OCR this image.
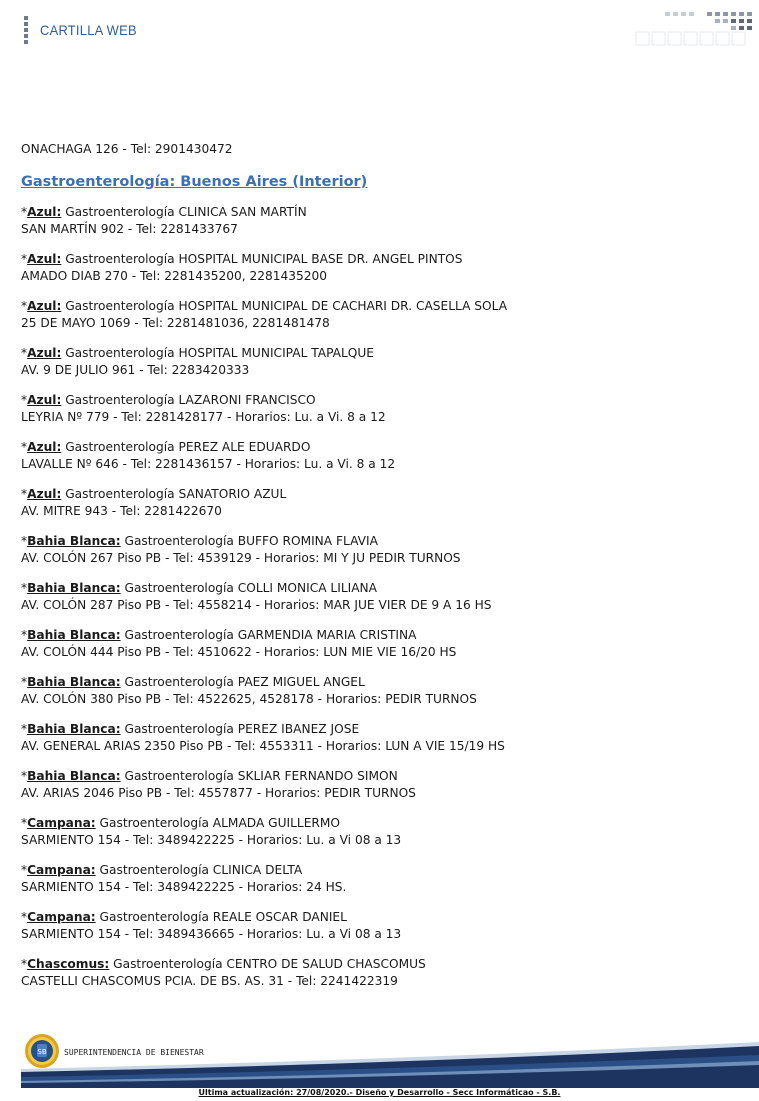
CARTILLA WEB

ONACHAGA 126 - Tel: 2901430472

Gastroenterología: Buenos Aires (Interior)
*Azul: Gastroenterología CLINICA SAN MARTÍN
SAN MARTÍN 902 - Tel: 2281433767
*Azul: Gastroenterología HOSPITAL MUNICIPAL BASE DR. ANGEL PINTOS
AMADO DIAB 270 - Tel: 2281435200, 2281435200
*Azul: Gastroenterología HOSPITAL MUNICIPAL DE CACHARI DR. CASELLA SOLA
25 DE MAYO 1069 - Tel: 2281481036, 2281481478
*Azul: Gastroenterología HOSPITAL MUNICIPAL TAPALQUE
AV. 9 DE JULIO 961 - Tel: 2283420333
*Azul: Gastroenterología LAZARONI FRANCISCO
LEYRIA Nº 779 - Tel: 2281428177 - Horarios: Lu. a Vi. 8 a 12
*Azul: Gastroenterología PEREZ ALE EDUARDO
LAVALLE Nº 646 - Tel: 2281436157 - Horarios: Lu. a Vi. 8 a 12
*Azul: Gastroenterología SANATORIO AZUL
AV. MITRE 943 - Tel: 2281422670
*Bahia Blanca: Gastroenterología BUFFO ROMINA FLAVIA
AV. COLÓN 267 Piso PB - Tel: 4539129 - Horarios: MI Y JU PEDIR TURNOS
*Bahia Blanca: Gastroenterología COLLI MONICA LILIANA
AV. COLÓN 287 Piso PB - Tel: 4558214 - Horarios: MAR JUE VIER DE 9 A 16 HS
*Bahia Blanca: Gastroenterología GARMENDIA MARIA CRISTINA
AV. COLÓN 444 Piso PB - Tel: 4510622 - Horarios: LUN MIE VIE 16/20 HS
*Bahia Blanca: Gastroenterología PAEZ MIGUEL ANGEL
AV. COLÓN 380 Piso PB - Tel: 4522625, 4528178 - Horarios: PEDIR TURNOS
*Bahia Blanca: Gastroenterología PEREZ IBANEZ JOSE
AV. GENERAL ARIAS 2350 Piso PB - Tel: 4553311 - Horarios: LUN A VIE 15/19 HS
*Bahia Blanca: Gastroenterología SKLIAR FERNANDO SIMON
AV. ARIAS 2046 Piso PB - Tel: 4557877 - Horarios: PEDIR TURNOS
*Campana: Gastroenterología ALMADA GUILLERMO
SARMIENTO 154 - Tel: 3489422225 - Horarios: Lu. a Vi 08 a 13
*Campana: Gastroenterología CLINICA DELTA
SARMIENTO 154 - Tel: 3489422225 - Horarios: 24 HS.
*Campana: Gastroenterología REALE OSCAR DANIEL
SARMIENTO 154 - Tel: 3489436665 - Horarios: Lu. a Vi 08 a 13
*Chascomus: Gastroenterología CENTRO DE SALUD CHASCOMUS
CASTELLI CHASCOMUS PCIA. DE BS. AS. 31 - Tel: 2241422319
SB SUPERINTENDENCIA DE BIENESTAR
Ultima actualización: 27/08/2020.- Diseño y Desarrollo - Secc Informáticao - S.B.
